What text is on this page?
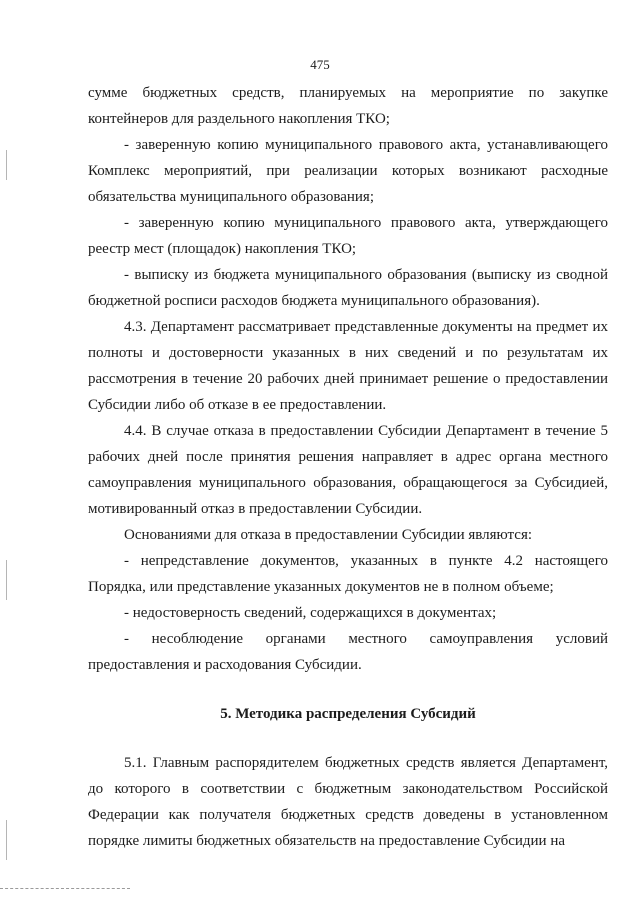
475

сумме бюджетных средств, планируемых на мероприятие по закупке контейнеров для раздельного накопления ТКО;

- заверенную копию муниципального правового акта, устанавливающего Комплекс мероприятий, при реализации которых возникают расходные обязательства муниципального образования;

- заверенную копию муниципального правового акта, утверждающего реестр мест (площадок) накопления ТКО;

- выписку из бюджета муниципального образования (выписку из сводной бюджетной росписи расходов бюджета муниципального образования).

4.3. Департамент рассматривает представленные документы на предмет их полноты и достоверности указанных в них сведений и по результатам их рассмотрения в течение 20 рабочих дней принимает решение о предоставлении Субсидии либо об отказе в ее предоставлении.

4.4. В случае отказа в предоставлении Субсидии Департамент в течение 5 рабочих дней после принятия решения направляет в адрес органа местного самоуправления муниципального образования, обращающегося за Субсидией, мотивированный отказ в предоставлении Субсидии.

Основаниями для отказа в предоставлении Субсидии являются:

- непредставление документов, указанных в пункте 4.2 настоящего Порядка, или представление указанных документов не в полном объеме;

- недостоверность сведений, содержащихся в документах;

- несоблюдение органами местного самоуправления условий предоставления и расходования Субсидии.

5. Методика распределения Субсидий

5.1. Главным распорядителем бюджетных средств является Департамент, до которого в соответствии с бюджетным законодательством Российской Федерации как получателя бюджетных средств доведены в установленном порядке лимиты бюджетных обязательств на предоставление Субсидии на
